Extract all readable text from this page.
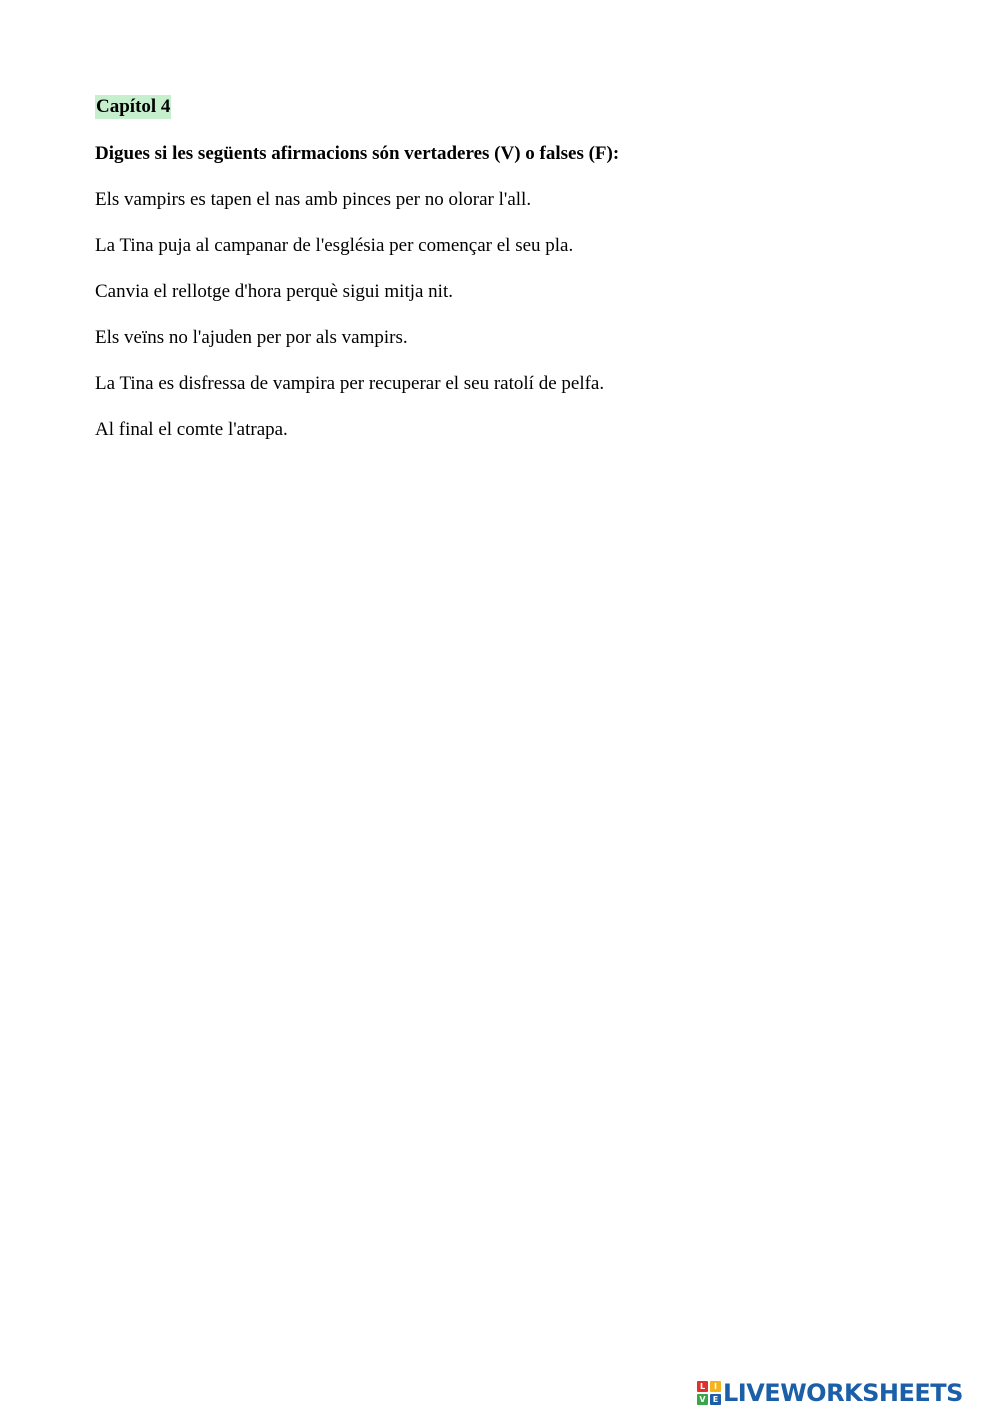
Capítol 4
Digues si les següents afirmacions són vertaderes (V) o falses (F):
Els vampirs es tapen el nas amb pinces per no olorar l'all.
La Tina puja al campanar de l'església per començar el seu pla.
Canvia el rellotge d'hora perquè sigui mitja nit.
Els veïns no l'ajuden per por als vampirs.
La Tina es disfressa de vampira per recuperar el seu ratolí de pelfa.
Al final el comte l'atrapa.
L	I
V E LIVEWORKSHEETS
